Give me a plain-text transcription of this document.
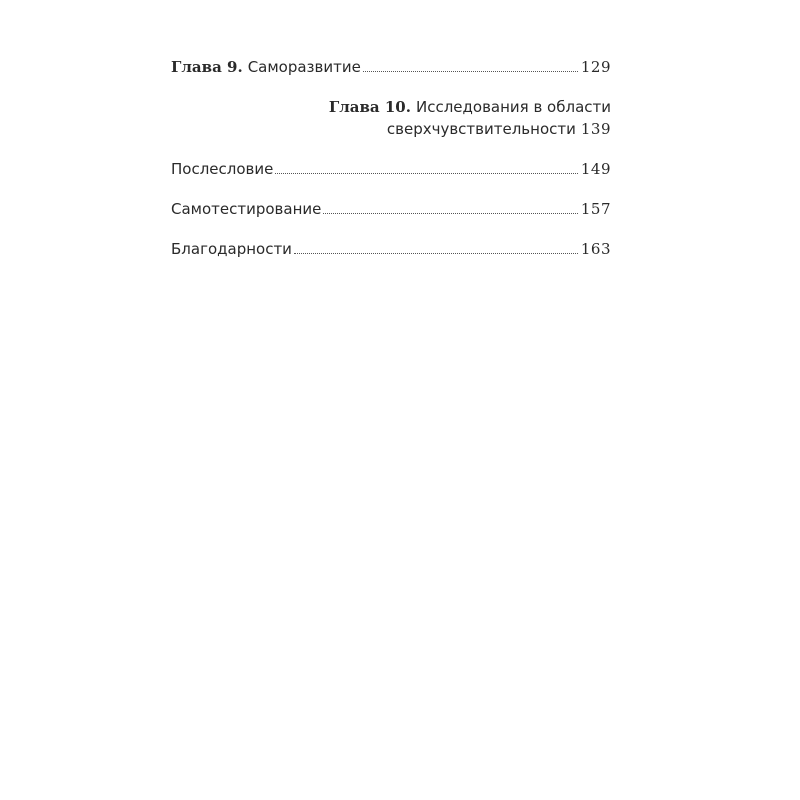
Глава 9. Саморазвитие	129
Глава 10. Исследования в области
сверхчувствительности 139
Послесловие	149
Самотестирование	157
Благодарности	163
